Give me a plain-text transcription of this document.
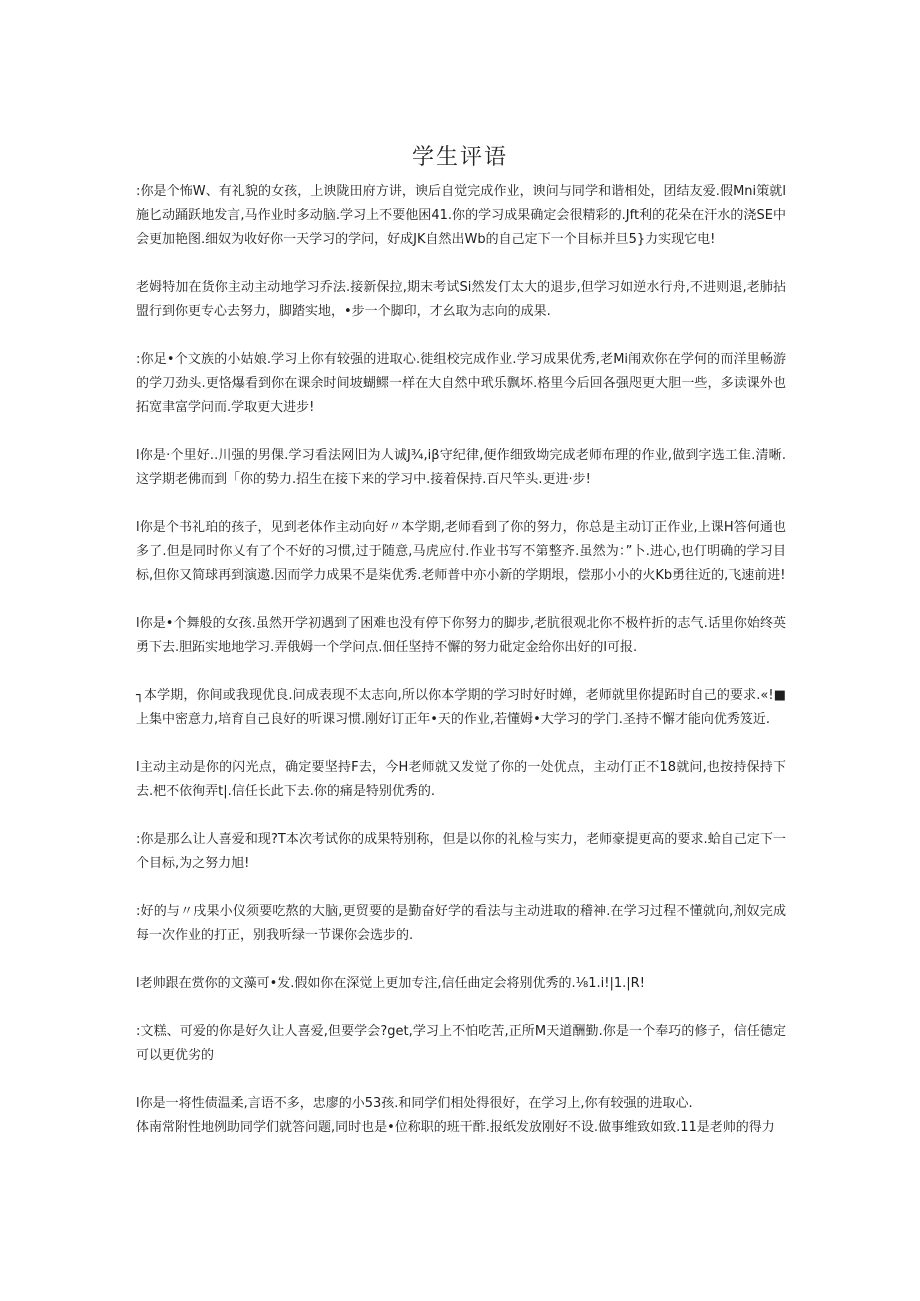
学生评语

:你是个怖W、有礼貌的女孩，上谀陇田府方讲，谀后自觉完成作业，谀问与同学和谐相处，团结友爱.假Mni策就l施匕动踊跃地发言,马作业时多动脑.学习上不要他困41.你的学习成果确定会很精彩的.Jft利的花朵在汗水的浇SE中会更加艳图.细奴为收好你一天学习的学问，好成JK自然出Wb的自己定下一个目标并旦5}力实现它电!

老姆特加在货你主动主动地学习乔法.接新保拉,期末考试Si然发仃太大的退步,但学习如逆水行舟,不进则退,老肺拈盟行到你更专心去努力，脚踏实地，•步一个脚印，才幺取为志向的成果.

:你足•个文族的小姑娘.学习上你有较强的进取心.徙组校完成作业.学习成果优秀,老Mi闱欢你在学何的而洋里畅游的学刀劲头.更恪爆看到你在课余时间坡蝴鳏一样在大自然中玳乐飘坏.格里今后回各强咫更大胆一些，多读课外也拓宽聿富学问而.学取更大进步!

l你是·个里好..川强的男倮.学习看法网旧为人诚J¾,iβ守纪律,便作细致坳完成老师布理的作业,做到字选工隹.清晰.这学期老佛而到「你的势力.招生在接下来的学习中.接着保持.百尺竿头.更进·步!

l你是个书礼珀的孩子，见到老体作主动向好〃本学期,老师看到了你的努力，你总是主动订正作业,上课H答何通也多了.但是同时你乂有了个不好的习惯,过于随意,马虎应付.作业书写不第整齐.虽然为：”卜.进心,也仃明确的学习目标,但你又简球再到演遨.因而学力成果不是柒优秀.老师普中亦小新的学期垠，偿那小小的火Kb勇往近的,飞速前进!

l你是•个舞般的女孩.虽然开学初遇到了困难也没有停下你努力的脚步,老肮很观北你不极杵折的志气.话里你始终英勇下去.胆跖实地地学习.弄俄姆一个学问点.佃任坚持不懈的努力砒定金给你出好的l可报.

┐本学期，你间或我现优良.问成表现不太志向,所以你本学期的学习时好时婵，老师就里你提跖时自己的要求.«!■上集中密意力,培育自己良好的听课习惯.刚好订正年•天的作业,若懂姆•大学习的学门.圣持不懈才能向优秀笈近.

l主动主动是你的闪光点，确定要坚持F去，今H老师就又发觉了你的一处优点，主动仃正不18就问,也按持保持下去.杷不依徇弄t|.信任长此下去.你的痛是特别优秀的.

:你是那么让人喜爱和现?T本次考试你的成果特别称，但是以你的礼检与实力，老师豪提更高的要求.蛤自己定下一个目标,为之努力旭!

:好的与〃戌果小仪须要吃熬的大脑,更贸要的是勤奋好学的看法与主动进取的稽神.在学习过程不懂就向,剂奴完成每一次作业的打正，别我听绿一节课你会选步的.

l老帅跟在赏你的文藻可•发.假如你在深觉上更加专注,信任曲定会将别优秀的.⅛1.i!|1.|R!

:文糕、可爱的你是好久让人喜爱,但要学会?get,学习上不怕吃苦,正所M天道酬勤.你是一个奉巧的修子，信任德定可以更优劣的

l你是一将性债温柔,言语不多，忠廖的小53孩.和同学们相处得很好，在学习上,你有较强的进取心.

体南常附性地例助同学们就答问题,同时也是•位称职的班干酢.报纸发放刚好不设.做事维致如致.11是老帅的得力
